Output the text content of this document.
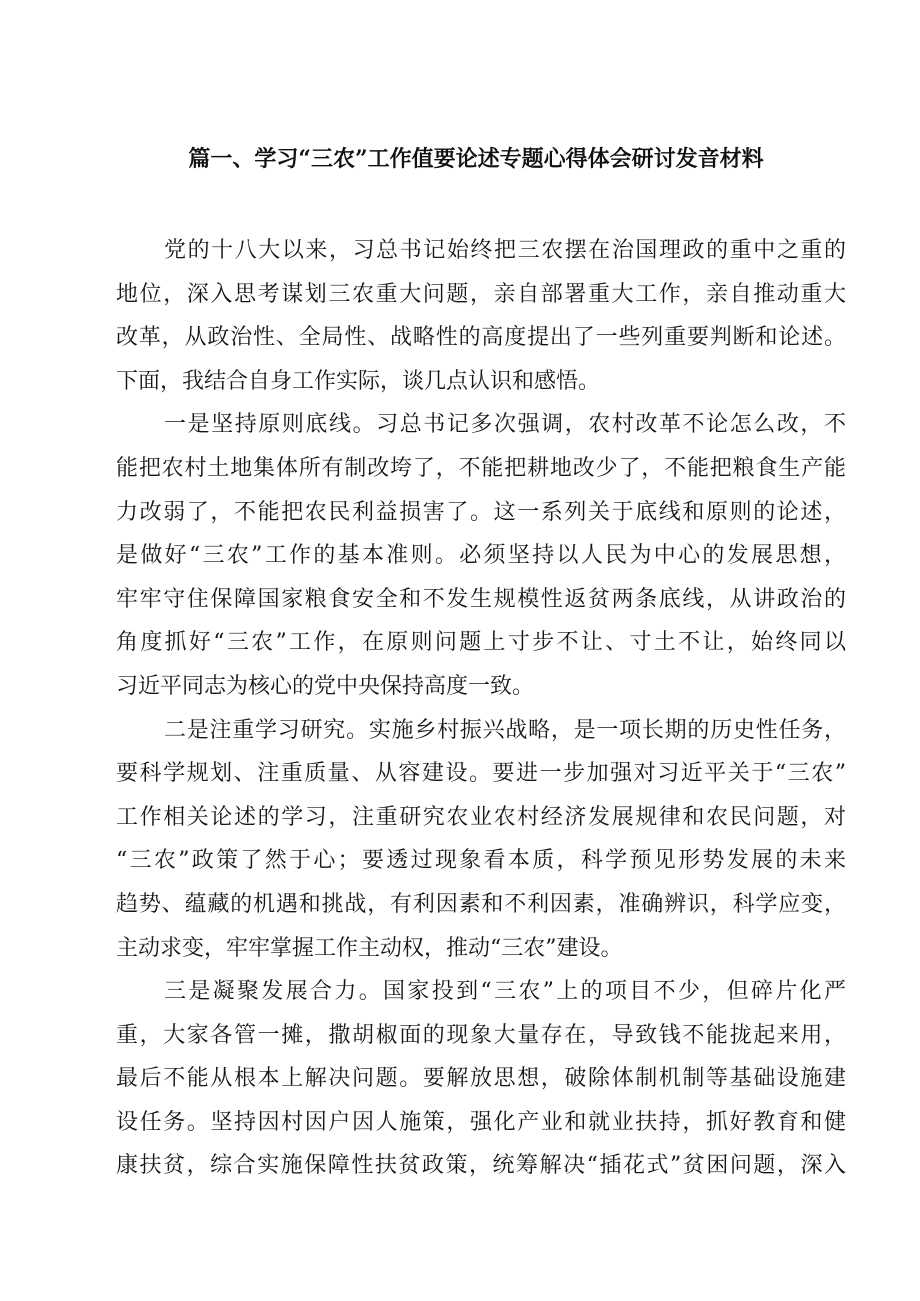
篇一、学习“三农”工作值要论述专题心得体会研讨发音材料
党的十八大以来，习总书记始终把三农摆在治国理政的重中之重的
地位，深入思考谋划三农重大问题，亲自部署重大工作，亲自推动重大
改革，从政治性、全局性、战略性的高度提出了一些列重要判断和论述。
下面，我结合自身工作实际，谈几点认识和感悟。
一是坚持原则底线。习总书记多次强调，农村改革不论怎么改，不
能把农村土地集体所有制改垮了，不能把耕地改少了，不能把粮食生产能
力改弱了，不能把农民利益损害了。这一系列关于底线和原则的论述，
是做好“三农”工作的基本准则。必须坚持以人民为中心的发展思想，
牢牢守住保障国家粮食安全和不发生规模性返贫两条底线，从讲政治的
角度抓好“三农”工作，在原则问题上寸步不让、寸土不让，始终同以
习近平同志为核心的党中央保持高度一致。
二是注重学习研究。实施乡村振兴战略，是一项长期的历史性任务，
要科学规划、注重质量、从容建设。要进一步加强对习近平关于“三农”
工作相关论述的学习，注重研究农业农村经济发展规律和农民问题，对
“三农”政策了然于心；要透过现象看本质，科学预见形势发展的未来
趋势、蕴藏的机遇和挑战，有利因素和不利因素，准确辨识，科学应变，
主动求变，牢牢掌握工作主动权，推动“三农”建设。
三是凝聚发展合力。国家投到“三农”上的项目不少，但碎片化严
重，大家各管一摊，撒胡椒面的现象大量存在，导致钱不能拢起来用，
最后不能从根本上解决问题。要解放思想，破除体制机制等基础设施建
设任务。坚持因村因户因人施策，强化产业和就业扶持，抓好教育和健
康扶贫，综合实施保障性扶贫政策，统筹解决“插花式”贫困问题，深入
